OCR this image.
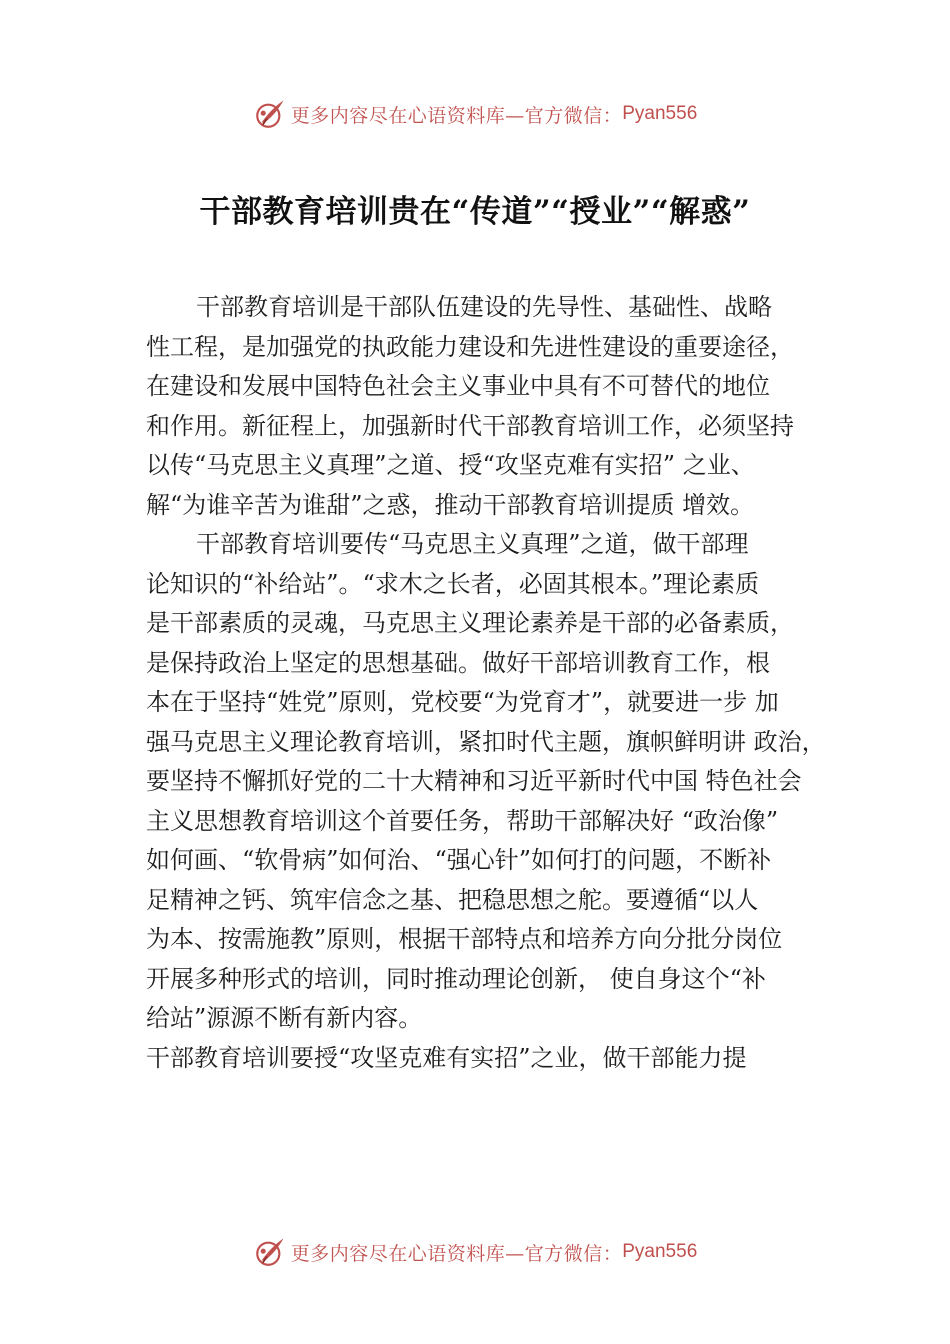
更多内容尽在心语资料库—官方微信： Pyan556
干部教育培训贵在“传道”“授业”“解惑”
干部教育培训是干部队伍建设的先导性、基础性、战略
性工程，是加强党的执政能力建设和先进性建设的重要途径，
在建设和发展中国特色社会主义事业中具有不可替代的地位
和作用。新征程上，加强新时代干部教育培训工作，必须坚持
以传“马克思主义真理”之道、授“攻坚克难有实招” 之业、
解“为谁辛苦为谁甜”之惑，推动干部教育培训提质 增效。
干部教育培训要传“马克思主义真理”之道，做干部理
论知识的“补给站”。“求木之长者，必固其根本。”理论素质
是干部素质的灵魂，马克思主义理论素养是干部的必备素质，
是保持政治上坚定的思想基础。做好干部培训教育工作，根
本在于坚持“姓党”原则，党校要“为党育才”，就要进一步 加
强马克思主义理论教育培训，紧扣时代主题，旗帜鲜明讲 政治，
要坚持不懈抓好党的二十大精神和习近平新时代中国 特色社会
主义思想教育培训这个首要任务，帮助干部解决好 “政治像”
如何画、“软骨病”如何治、“强心针”如何打的问题，不断补
足精神之钙、筑牢信念之基、把稳思想之舵。要遵循“以人
为本、按需施教”原则，根据干部特点和培养方向分批分岗位
开展多种形式的培训，同时推动理论创新， 使自身这个“补
给站”源源不断有新内容。
干部教育培训要授“攻坚克难有实招”之业，做干部能力提
更多内容尽在心语资料库—官方微信： Pyan556
